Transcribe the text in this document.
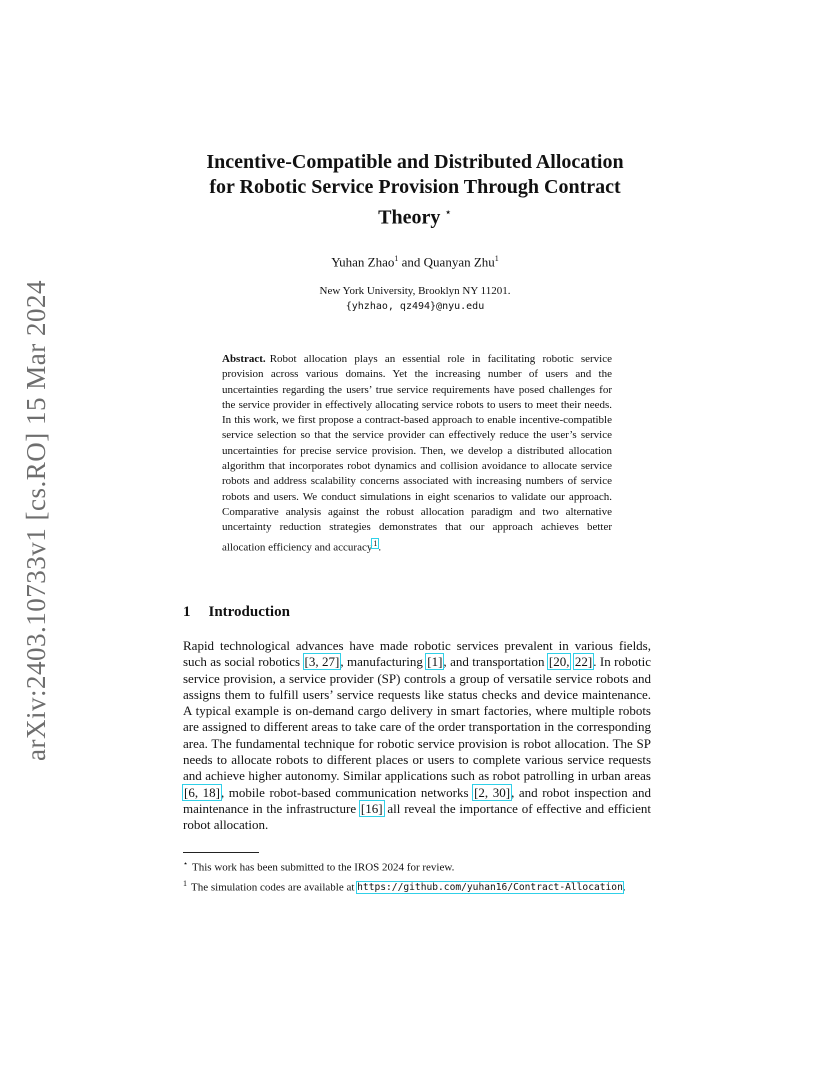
arXiv:2403.10733v1 [cs.RO] 15 Mar 2024
Incentive-Compatible and Distributed Allocation
for Robotic Service Provision Through Contract
Theory ⋆
Yuhan Zhao$^1$ and Quanyan Zhu$^1$
New York University, Brooklyn NY 11201.
{yhzhao, qz494}@nyu.edu

Abstract. Robot allocation plays an essential role in facilitating robotic service provision across various domains. Yet the increasing number of users and the uncertainties regarding the users’ true service requirements have posed challenges for the service provider in effectively allocating service robots to users to meet their needs. In this work, we first propose a contract-based approach to enable incentive-compatible service selection so that the service provider can effectively reduce the user’s service uncertainties for precise service provision. Then, we develop a distributed allocation algorithm that incorporates robot dynamics and collision avoidance to allocate service robots and address scalability concerns associated with increasing numbers of service robots and users. We conduct simulations in eight scenarios to validate our approach. Comparative analysis against the robust allocation paradigm and two alternative uncertainty reduction strategies demonstrates that our approach achieves better allocation efficiency and accuracy$^1$.

1 Introduction

Rapid technological advances have made robotic services prevalent in various fields, such as social robotics [3, 27], manufacturing [1], and transportation [20, 22]. In robotic service provision, a service provider (SP) controls a group of versatile service robots and assigns them to fulfill users’ service requests like status checks and device maintenance. A typical example is on-demand cargo delivery in smart factories, where multiple robots are assigned to different areas to take care of the order transportation in the corresponding area. The fundamental technique for robotic service provision is robot allocation. The SP needs to allocate robots to different places or users to complete various service requests and achieve higher autonomy. Similar applications such as robot patrolling in urban areas [6, 18], mobile robot-based communication networks [2, 30], and robot inspection and maintenance in the infrastructure [16] all reveal the importance of effective and efficient robot allocation.

⋆ This work has been submitted to the IROS 2024 for review.

$^1$ The simulation codes are available at https://github.com/yuhan16/Contract-Allocation.
